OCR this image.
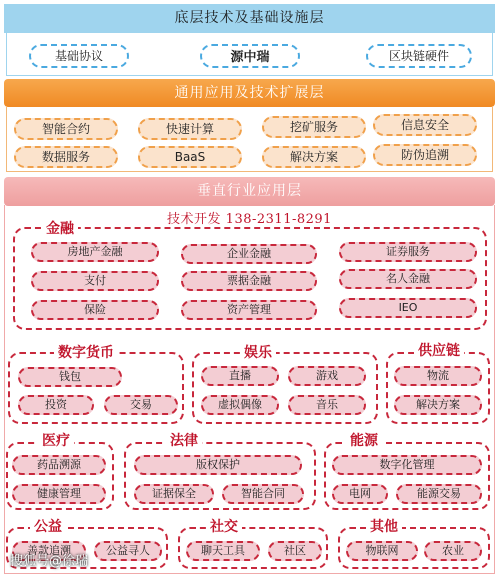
底层技术及基础设施层
基础协议	源中瑞	区块链硬件
通用应用及技术扩展层
智能合约	快速计算	挖矿服务	信息安全
数据服务	BaaS	解决方案	防伪追溯
垂直行业应用层
技术开发 138-2311-8291
金融
房地产金融	企业金融	证券服务
支付	票据金融	名人金融
保险	资产管理	IEO
数字货币
钱包
投资	交易
娱乐
直播	游戏
虚拟偶像	音乐
供应链
物流
解决方案
医疗
药品溯源
健康管理
法律
版权保护
证据保全	智能合同
能源
数字化管理
电网	能源交易
公益
善款追溯	公益寻人
社交
聊天工具	社区
其他
物联网	农业
搜狐号@徐瑞
